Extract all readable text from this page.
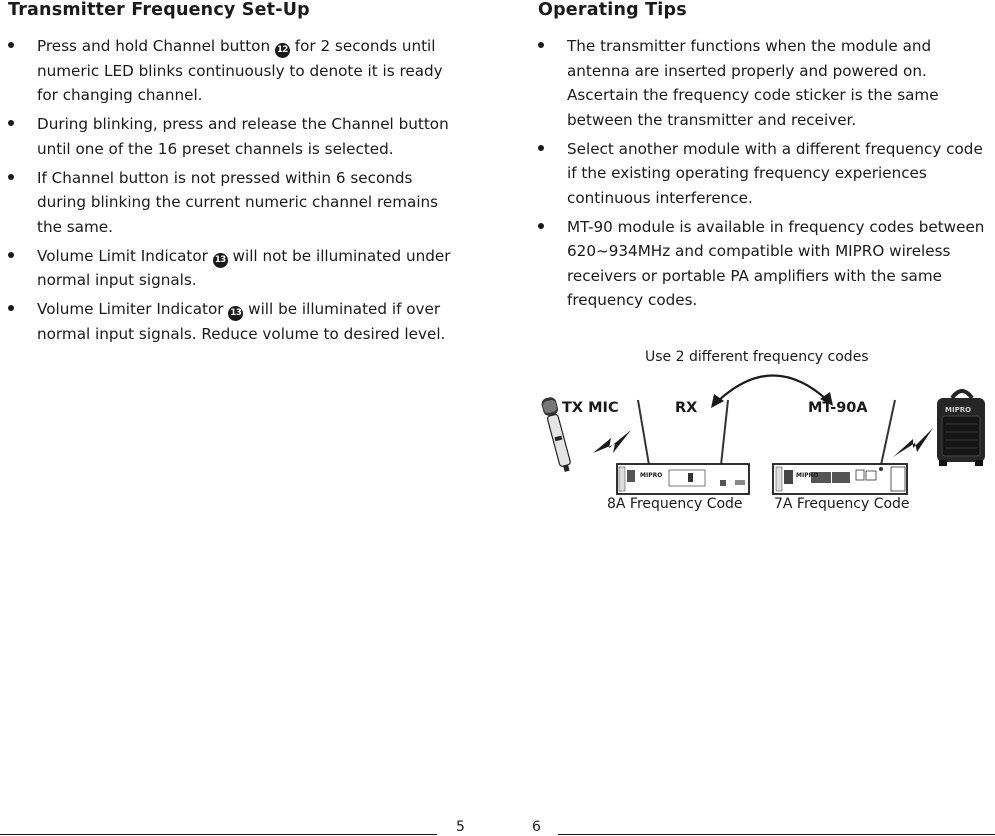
Transmitter Frequency Set-Up
Press and hold Channel button 12 for 2 seconds until numeric LED blinks continuously to denote it is ready for changing channel.
During blinking, press and release the Channel button until one of the 16 preset channels is selected.
If Channel button is not pressed within 6 seconds during blinking the current numeric channel remains the same.
Volume Limit Indicator 13 will not be illuminated under normal input signals.
Volume Limiter Indicator 13 will be illuminated if over normal input signals. Reduce volume to desired level.
Operating Tips
The transmitter functions when the module and antenna are inserted properly and powered on. Ascertain the frequency code sticker is the same between the transmitter and receiver.
Select another module with a different frequency code if the existing operating frequency experiences continuous interference.
MT-90 module is available in frequency codes between 620~934MHz and compatible with MIPRO wireless receivers or portable PA amplifiers with the same frequency codes.
Use 2 different frequency codes
TX MIC	RX	MT-90A
MIPRO	MIPRO
MIPRO
8A Frequency Code 7A Frequency Code
5	6
